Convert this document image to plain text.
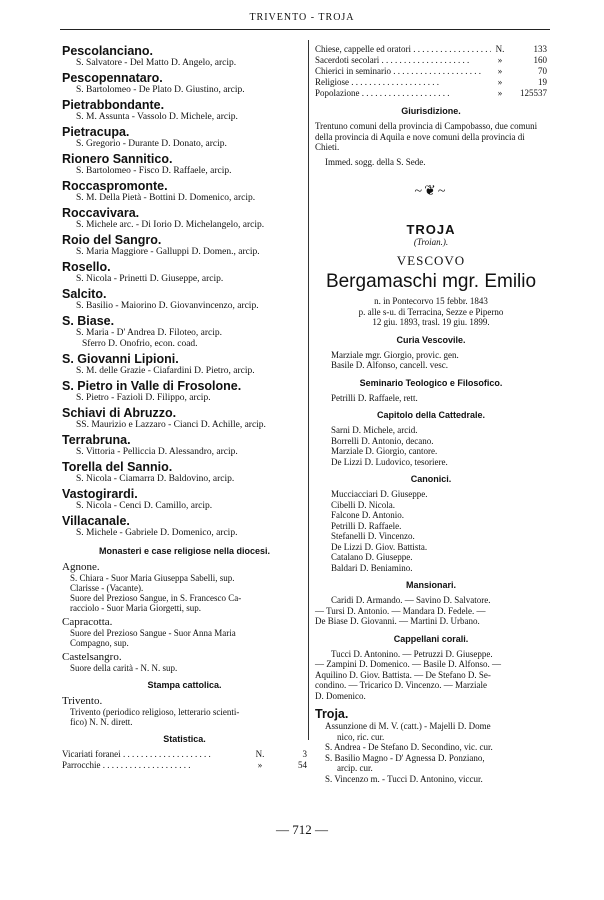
TRIVENTO - TROJA
Pescolanciano.
S. Salvatore - Del Matto D. Angelo, arcip.
Pescopennataro.
S. Bartolomeo - De Plato D. Giustino, arcip.
Pietrabbondante.
S. M. Assunta - Vassolo D. Michele, arcip.
Pietracupa.
S. Gregorio - Durante D. Donato, arcip.
Rionero Sannitico.
S. Bartolomeo - Fisco D. Raffaele, arcip.
Roccaspromonte.
S. M. Della Pietà - Bottini D. Domenico, arcip.
Roccavivara.
S. Michele arc. - Di Iorio D. Michelangelo, arcip.
Roio del Sangro.
S. Maria Maggiore - Galluppi D. Domen., arcip.
Rosello.
S. Nicola - Prinetti D. Giuseppe, arcip.
Salcito.
S. Basilio - Maiorino D. Giovanvincenzo, arcip.
S. Biase.
S. Maria - D' Andrea D. Filoteo, arcip.
Sferro D. Onofrio, econ. coad.
S. Giovanni Lipioni.
S. M. delle Grazie - Ciafardini D. Pietro, arcip.
S. Pietro in Valle di Frosolone.
S. Pietro - Fazioli D. Filippo, arcip.
Schiavi di Abruzzo.
SS. Maurizio e Lazzaro - Cianci D. Achille, arcip.
Terrabruna.
S. Vittoria - Pelliccia D. Alessandro, arcip.
Torella del Sannio.
S. Nicola - Ciamarra D. Baldovino, arcip.
Vastogirardi.
S. Nicola - Cenci D. Camillo, arcip.
Villacanale.
S. Michele - Gabriele D. Domenico, arcip.
Monasteri e case religiose nella diocesi.
Agnone.
S. Chiara - Suor Maria Giuseppa Sabelli, sup.
Clarisse - (Vacante).
Suore del Prezioso Sangue, in S. Francesco Ca-
racciolo - Suor Maria Giorgetti, sup.
Capracotta.
Suore del Prezioso Sangue - Suor Anna Maria
Compagno, sup.
Castelsangro.
Suore della carità - N. N. sup.
Stampa cattolica.
Trivento.
Trivento (periodico religioso, letterario scienti-
fico) N. N. dirett.
Statistica.
Vicariati foranei . . .	N.	3
Parrocchie . . .	»	54
Chiese, cappelle ed oratori . . .	N.	133
Sacerdoti secolari . . .	»	160
Chierici in seminario . . .	»	70
Religiose . . .	»	19
Popolazione . . .	»	125537
Giurisdizione.
Trentuno comuni della provincia di Campobasso, due comuni della provincia di Aquila e nove comuni della provincia di Chieti.
Immed. sogg. della S. Sede.
~❦~
TROJA
(Troian.).
VESCOVO
Bergamaschi mgr. Emilio
n. in Pontecorvo 15 febbr. 1843
p. alle s-u. di Terracina, Sezze e Piperno
12 giu. 1893, trasl. 19 giu. 1899.
Curia Vescovile.
Marziale mgr. Giorgio, provic. gen.
Basile D. Alfonso, cancell. vesc.
Seminario Teologico e Filosofico.
Petrilli D. Raffaele, rett.
Capitolo della Cattedrale.
Sarni D. Michele, arcid.
Borrelli D. Antonio, decano.
Marziale D. Giorgio, cantore.
De Lizzi D. Ludovico, tesoriere.
Canonici.
Mucciacciari D. Giuseppe.
Cibelli D. Nicola.
Falcone D. Antonio.
Petrilli D. Raffaele.
Stefanelli D. Vincenzo.
De Lizzi D. Giov. Battista.
Catalano D. Giuseppe.
Baldari D. Beniamino.
Mansionari.
Caridi D. Armando. — Savino D. Salvatore.
— Tursi D. Antonio. — Mandara D. Fedele. —
De Biase D. Giovanni. — Martini D. Urbano.
Cappellani corali.
Tucci D. Antonino. — Petruzzi D. Giuseppe.
— Zampini D. Domenico. — Basile D. Alfonso. —
Aquilino D. Giov. Battista. — De Stefano D. Se-
condino. — Tricarico D. Vincenzo. — Marziale
D. Domenico.
Troja.
Assunzione di M. V. (catt.) - Majelli D. Dome
nico, ric. cur.
S. Andrea - De Stefano D. Secondino, vic. cur.
S. Basilio Magno - D' Agnessa D. Ponziano,
arcip. cur.
S. Vincenzo m. - Tucci D. Antonino, viccur.
— 712 —
